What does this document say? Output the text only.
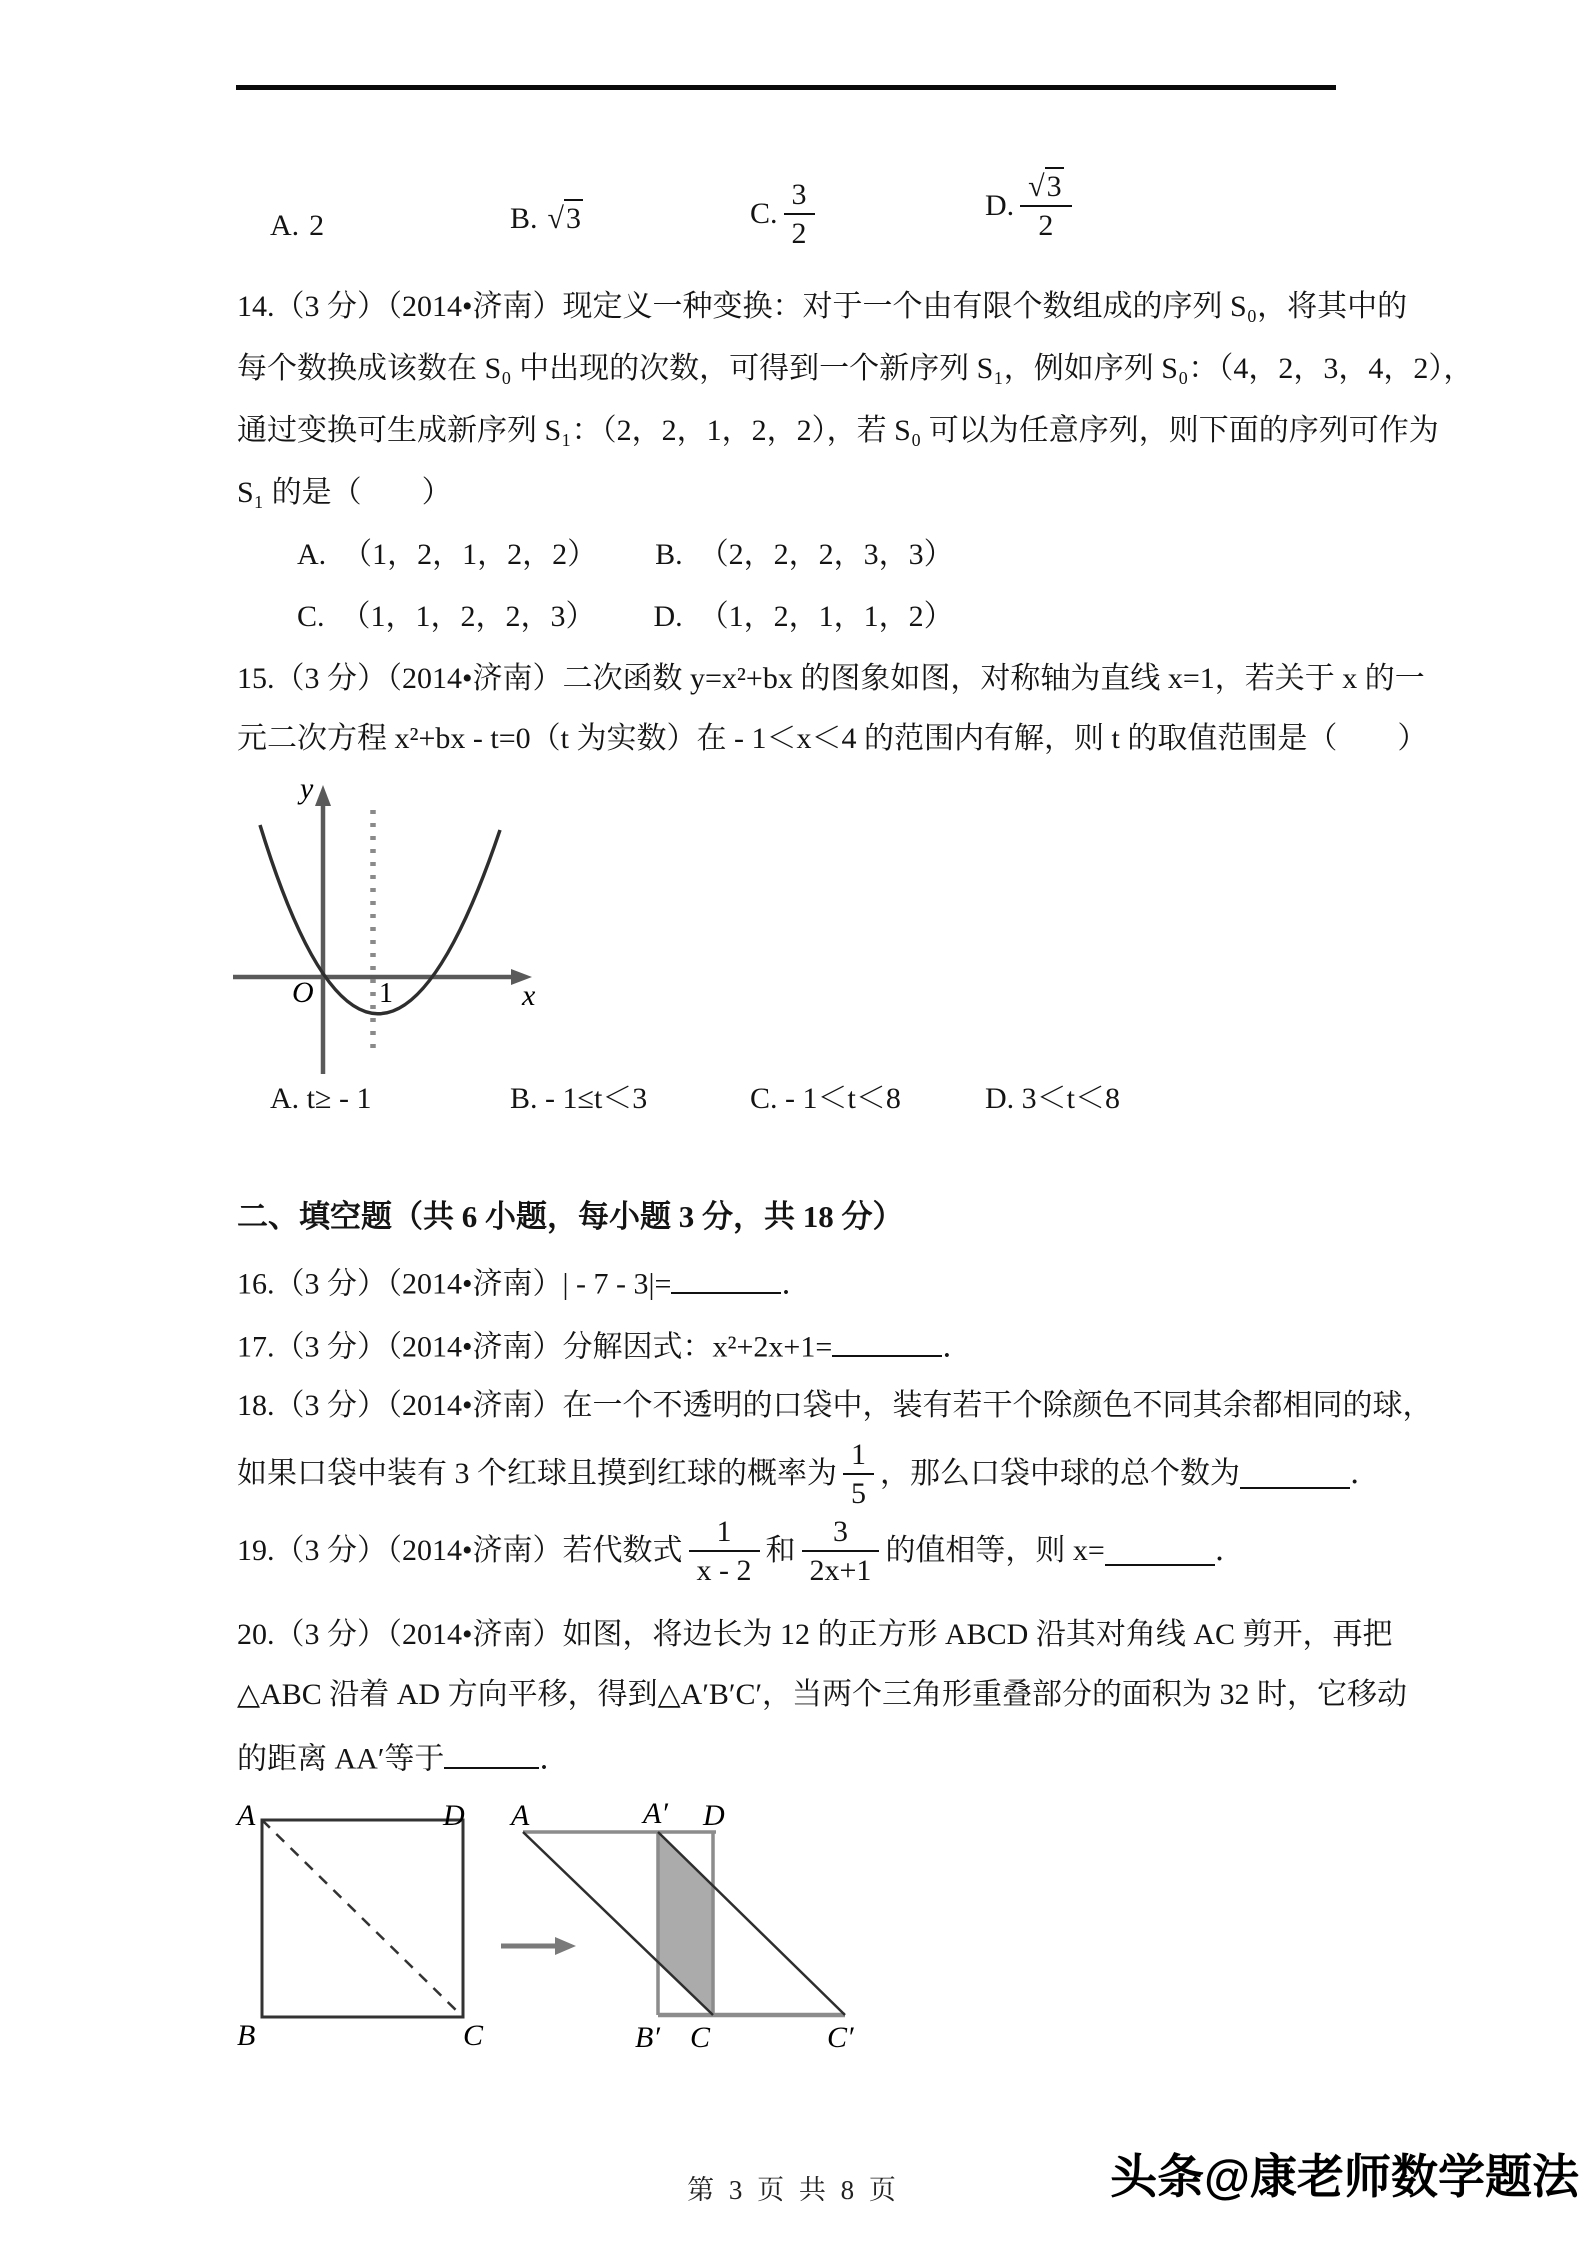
A. 2	B. √3	C. $\frac{3}{2}$	D. $\frac{√3}{2}$
14.（3 分）（2014•济南）现定义一种变换：对于一个由有限个数组成的序列 S₀，将其中的
每个数换成该数在 S₀ 中出现的次数，可得到一个新序列 S₁，例如序列 S₀：（4，2，3，4，2），
通过变换可生成新序列 S₁：（2，2，1，2，2），若 S₀ 可以为任意序列，则下面的序列可作为
S₁ 的是（　　）
A. （1，2，1，2，2） B. （2，2，2，3，3）
C. （1，1，2，2，3） D. （1，2，1，1，2）
15.（3 分）（2014•济南）二次函数 y=x²+bx 的图象如图，对称轴为直线 x=1，若关于 x 的一
元二次方程 x²+bx - t=0（t 为实数）在 - 1＜x＜4 的范围内有解，则 t 的取值范围是（　　）
y
x
O 1
A. t≥ - 1	B. - 1≤t＜3	C. - 1＜t＜8	D. 3＜t＜8
二、填空题（共 6 小题，每小题 3 分，共 18 分）
16.（3 分）（2014•济南）| - 7 - 3|=	．
17.（3 分）（2014•济南）分解因式：x²+2x+1=	．
18.（3 分）（2014•济南）在一个不透明的口袋中，装有若干个除颜色不同其余都相同的球，
如果口袋中装有 3 个红球且摸到红球的概率为 $\frac{1}{5}$ ，那么口袋中球的总个数为	．
19.（3 分）（2014•济南）若代数式 $\frac{1}{x - 2}$ 和 $\frac{3}{2x+1}$ 的值相等，则 x=	．
20.（3 分）（2014•济南）如图，将边长为 12 的正方形 ABCD 沿其对角线 AC 剪开，再把
△ABC 沿着 AD 方向平移，得到△A′B′C′，当两个三角形重叠部分的面积为 32 时，它移动
的距离 AA′等于	．
A	D
B	C
A	A′ D
B′ C	C′
第 3 页 共 8 页	头条@康老师数学题法
